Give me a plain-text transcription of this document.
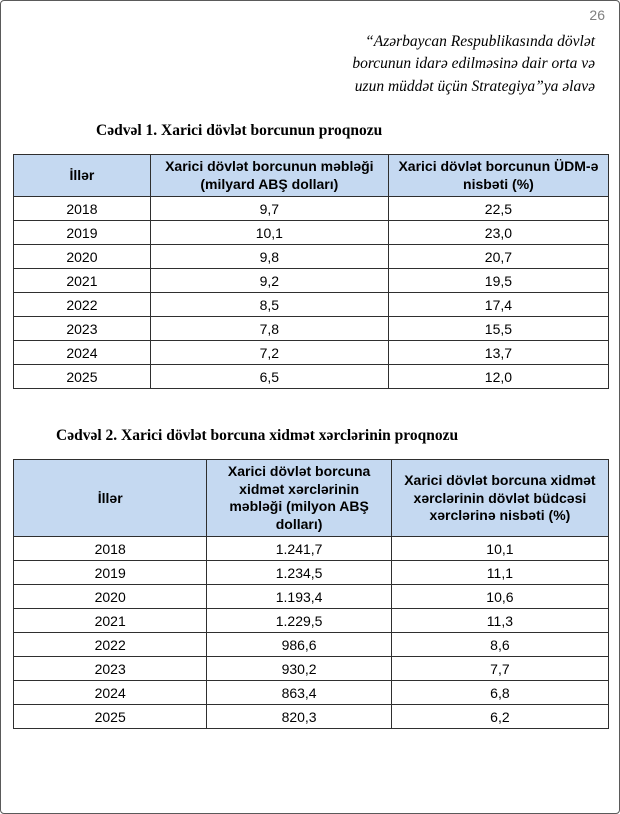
26
“Azərbaycan Respublikasında dövlət
borcunun idarə edilməsinə dair orta və
uzun müddət üçün Strategiya”ya əlavə
Cədvəl 1. Xarici dövlət borcunun proqnozu
İllər	Xarici dövlət borcunun məbləği (milyard ABŞ dolları)	Xarici dövlət borcunun ÜDM-ə nisbəti (%)
2018	9,7	22,5
2019	10,1	23,0
2020	9,8	20,7
2021	9,2	19,5
2022	8,5	17,4
2023	7,8	15,5
2024	7,2	13,7
2025	6,5	12,0
Cədvəl 2. Xarici dövlət borcuna xidmət xərclərinin proqnozu
İllər	Xarici dövlət borcuna xidmət xərclərinin məbləği (milyon ABŞ dolları)	Xarici dövlət borcuna xidmət xərclərinin dövlət büdcəsi xərclərinə nisbəti (%)
2018	1.241,7	10,1
2019	1.234,5	11,1
2020	1.193,4	10,6
2021	1.229,5	11,3
2022	986,6	8,6
2023	930,2	7,7
2024	863,4	6,8
2025	820,3	6,2
